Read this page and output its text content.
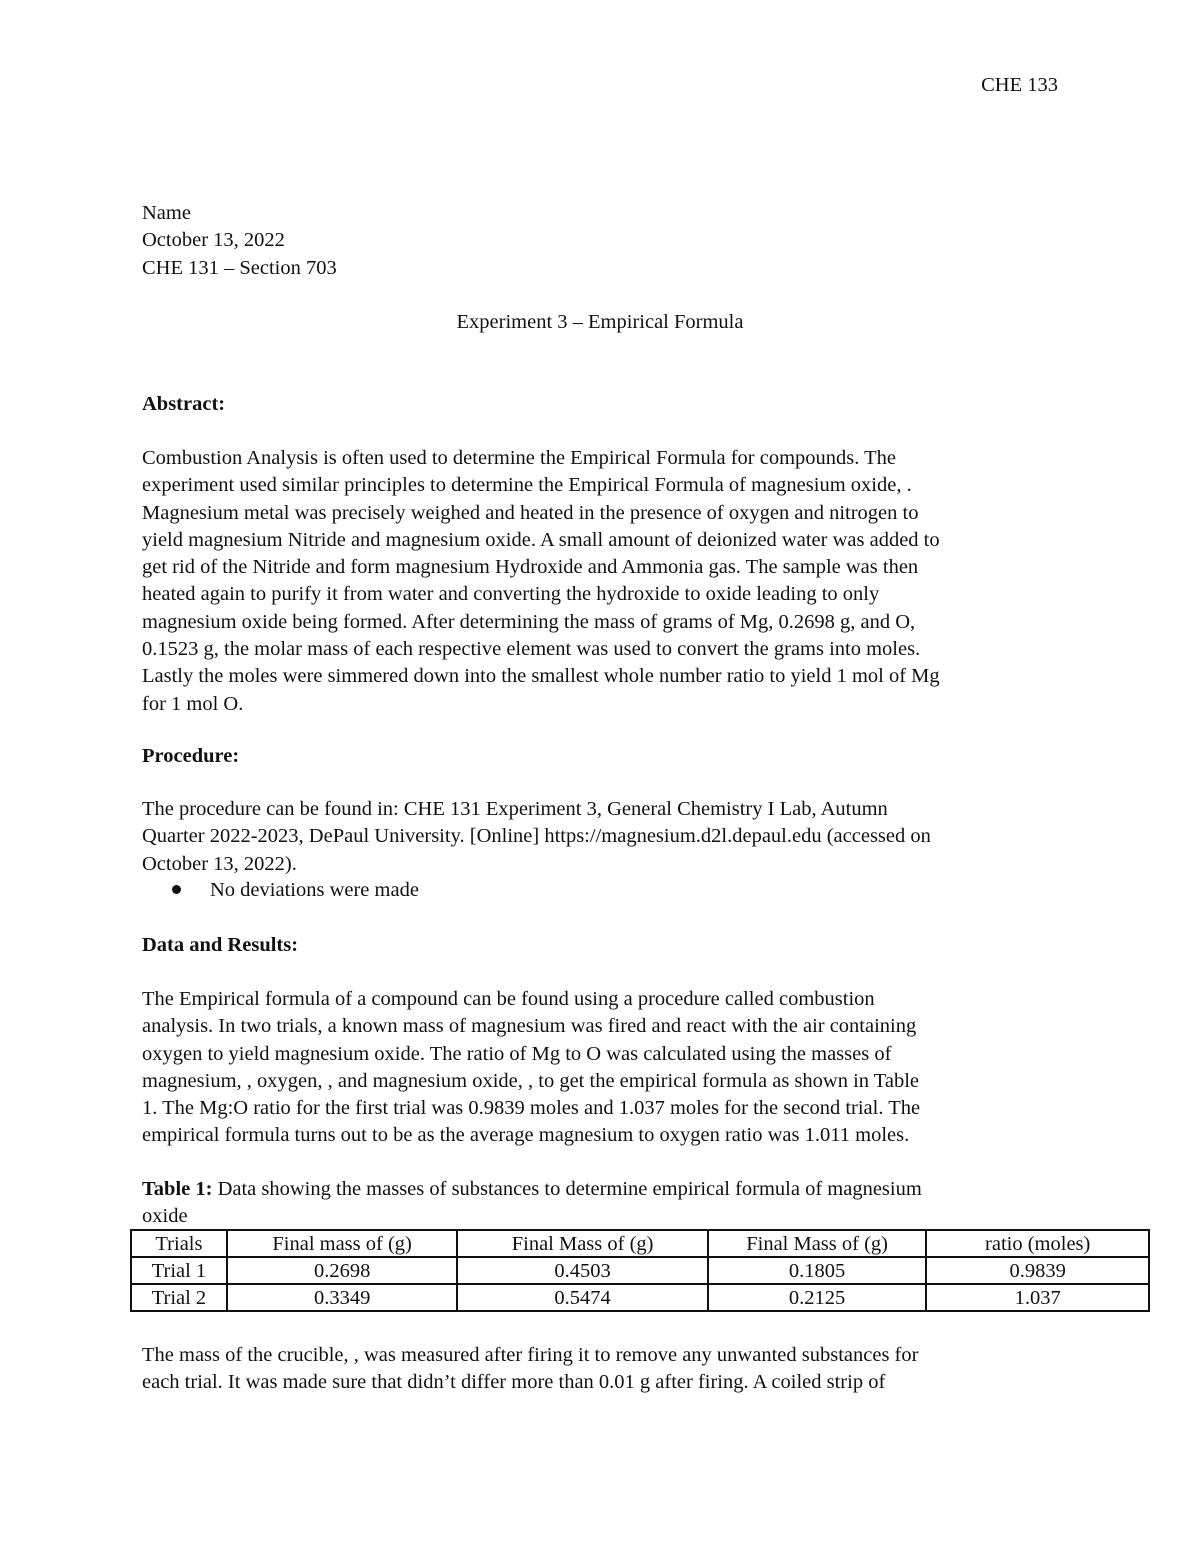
CHE 133
Name
October 13, 2022
CHE 131 – Section 703
Experiment 3 – Empirical Formula
Abstract:
Combustion Analysis is often used to determine the Empirical Formula for compounds. The
experiment used similar principles to determine the Empirical Formula of magnesium oxide, .
Magnesium metal was precisely weighed and heated in the presence of oxygen and nitrogen to
yield magnesium Nitride and magnesium oxide. A small amount of deionized water was added to
get rid of the Nitride and form magnesium Hydroxide and Ammonia gas. The sample was then
heated again to purify it from water and converting the hydroxide to oxide leading to only
magnesium oxide being formed. After determining the mass of grams of Mg, 0.2698 g, and O,
0.1523 g, the molar mass of each respective element was used to convert the grams into moles.
Lastly the moles were simmered down into the smallest whole number ratio to yield 1 mol of Mg
for 1 mol O.
Procedure:
The procedure can be found in: CHE 131 Experiment 3, General Chemistry I Lab, Autumn
Quarter 2022-2023, DePaul University. [Online] https://magnesium.d2l.depaul.edu (accessed on
October 13, 2022).
No deviations were made
Data and Results:
The Empirical formula of a compound can be found using a procedure called combustion
analysis. In two trials, a known mass of magnesium was fired and react with the air containing
oxygen to yield magnesium oxide. The ratio of Mg to O was calculated using the masses of
magnesium, , oxygen, , and magnesium oxide, , to get the empirical formula as shown in Table
1. The Mg:O ratio for the first trial was 0.9839 moles and 1.037 moles for the second trial. The
empirical formula turns out to be as the average magnesium to oxygen ratio was 1.011 moles.
Table 1: Data showing the masses of substances to determine empirical formula of magnesium
oxide
Trials	Final mass of (g)	Final Mass of (g)	Final Mass of (g)	ratio (moles)
Trial 1	0.2698	0.4503	0.1805	0.9839
Trial 2	0.3349	0.5474	0.2125	1.037
The mass of the crucible, , was measured after firing it to remove any unwanted substances for
each trial. It was made sure that didn’t differ more than 0.01 g after firing. A coiled strip of
